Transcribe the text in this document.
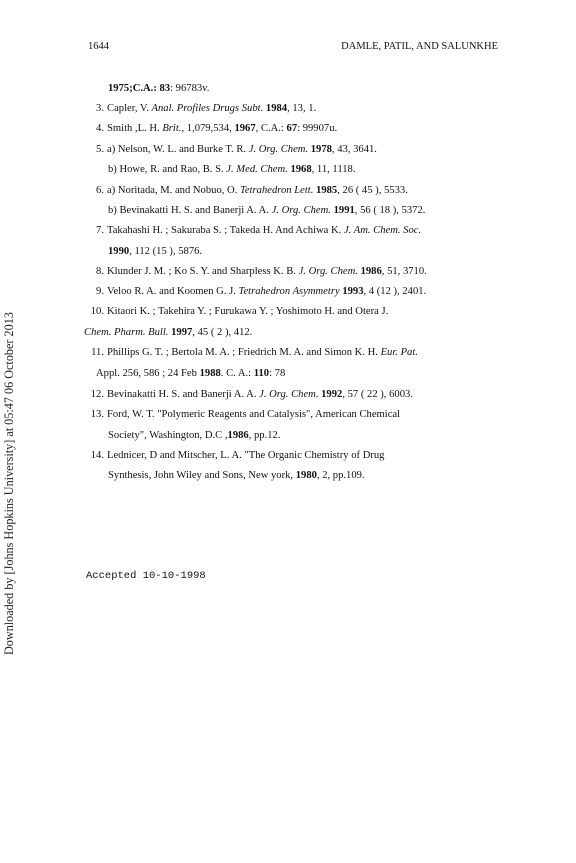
1644	DAMLE, PATIL, AND SALUNKHE
1975;C.A.: 83: 96783v.
3. Capler, V. Anal. Profiles Drugs Subt. 1984, 13, 1.
4. Smith ,L. H. Brit., 1,079,534, 1967, C.A.: 67: 99907u.
5. a) Nelson, W. L. and Burke T. R. J. Org. Chem. 1978, 43, 3641.
b) Howe, R. and Rao, B. S. J. Med. Chem. 1968, 11, 1118.
6. a) Noritada, M. and Nobuo, O. Tetrahedron Lett. 1985, 26 ( 45 ), 5533.
b) Bevinakatti H. S. and Banerji A. A. J. Org. Chem. 1991, 56 ( 18 ), 5372.
7. Takahashi H. ; Sakuraba S. ; Takeda H. And Achiwa K. J. Am. Chem. Soc.
1990, 112 (15 ), 5876.
8. Klunder J. M. ; Ko S. Y. and Sharpless K. B. J. Org. Chem. 1986, 51, 3710.
9. Veloo R. A. and Koomen G. J. Tetrahedron Asymmetry 1993, 4 (12 ), 2401.
10. Kitaori K. ; Takehira Y. ; Furukawa Y. ; Yoshimoto H. and Otera J.
Chem. Pharm. Bull. 1997, 45 ( 2 ), 412.
11. Phillips G. T. ; Bertola M. A. ; Friedrich M. A. and Simon K. H. Eur. Pat.
Appl. 256, 586 ; 24 Feb 1988. C. A.: 110: 78
12. Bevinakatti H. S. and Banerji A. A. J. Org. Chem. 1992, 57 ( 22 ), 6003.
13. Ford, W. T. "Polymeric Reagents and Catalysis", American Chemical
Society", Washington, D.C ,1986, pp.12.
14. Lednicer, D and Mitscher, L. A. "The Organic Chemistry of Drug
Synthesis, John Wiley and Sons, New york, 1980, 2, pp.109.
Accepted 10-10-1998
Downloaded by [Johns Hopkins University] at 05:47 06 October 2013
